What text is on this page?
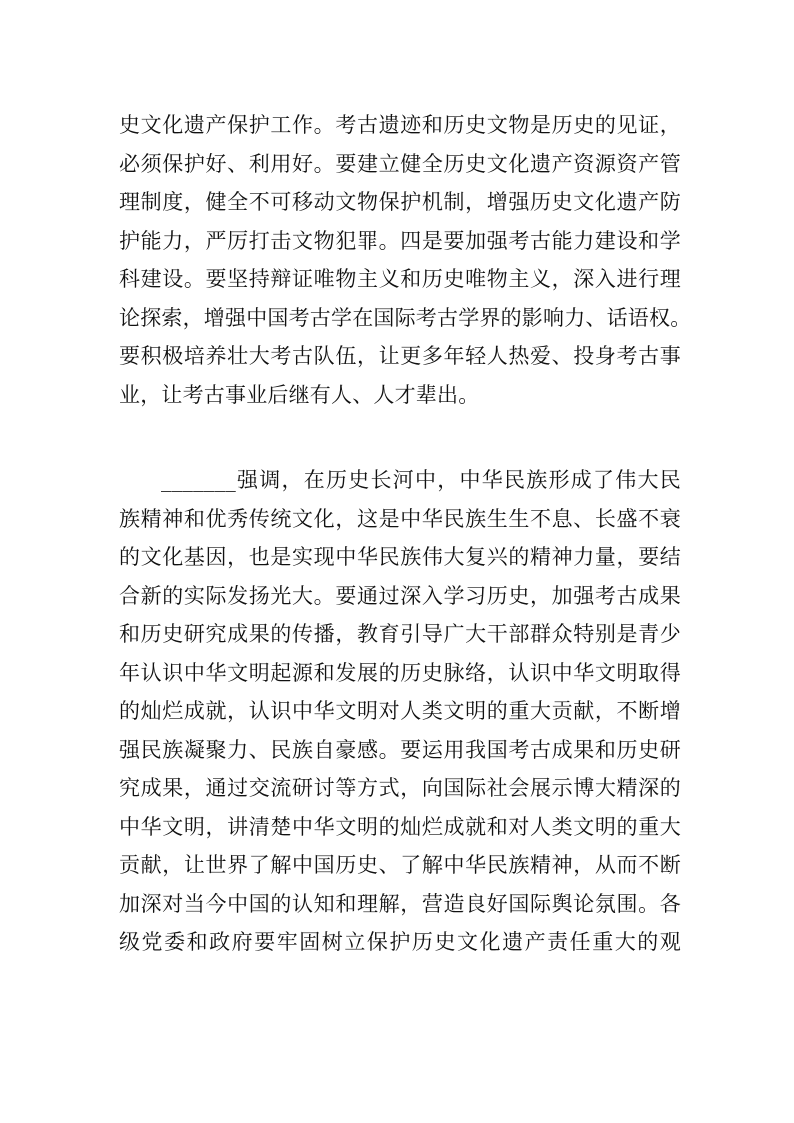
史文化遗产保护工作。考古遗迹和历史文物是历史的见证，
必须保护好、利用好。要建立健全历史文化遗产资源资产管
理制度，健全不可移动文物保护机制，增强历史文化遗产防
护能力，严厉打击文物犯罪。四是要加强考古能力建设和学
科建设。要坚持辩证唯物主义和历史唯物主义，深入进行理
论探索，增强中国考古学在国际考古学界的影响力、话语权。
要积极培养壮大考古队伍，让更多年轻人热爱、投身考古事
业，让考古事业后继有人、人才辈出。
_______强调，在历史长河中，中华民族形成了伟大民
族精神和优秀传统文化，这是中华民族生生不息、长盛不衰
的文化基因，也是实现中华民族伟大复兴的精神力量，要结
合新的实际发扬光大。要通过深入学习历史，加强考古成果
和历史研究成果的传播，教育引导广大干部群众特别是青少
年认识中华文明起源和发展的历史脉络，认识中华文明取得
的灿烂成就，认识中华文明对人类文明的重大贡献，不断增
强民族凝聚力、民族自豪感。要运用我国考古成果和历史研
究成果，通过交流研讨等方式，向国际社会展示博大精深的
中华文明，讲清楚中华文明的灿烂成就和对人类文明的重大
贡献，让世界了解中国历史、了解中华民族精神，从而不断
加深对当今中国的认知和理解，营造良好国际舆论氛围。各
级党委和政府要牢固树立保护历史文化遗产责任重大的观
